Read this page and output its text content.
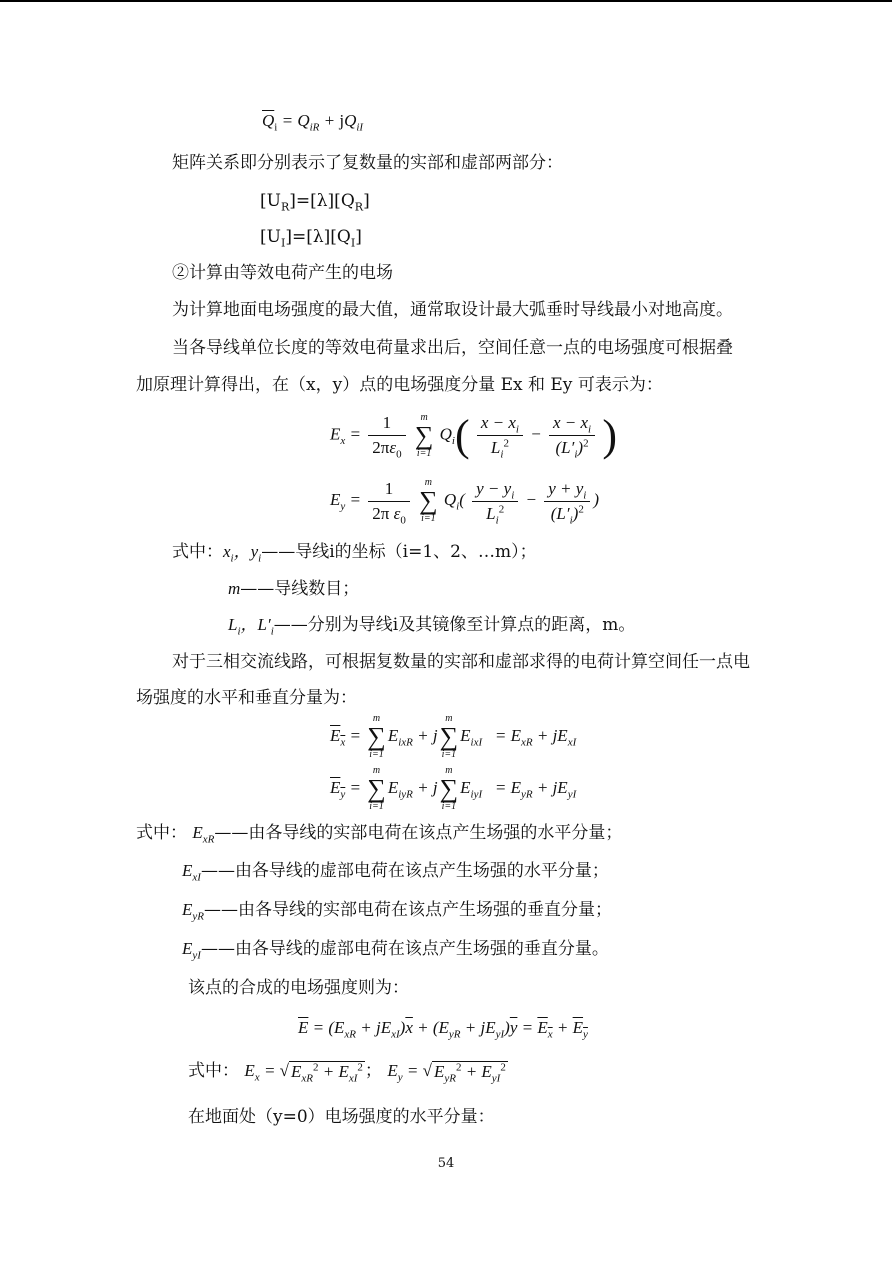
$\overline{Q}_i = Q_{iR} + jQ_{iI}$
矩阵关系即分别表示了复数量的实部和虚部两部分：
$[U_R]=[\lambda][Q_R]$
$[U_I]=[\lambda][Q_I]$
②计算由等效电荷产生的电场
为计算地面电场强度的最大值，通常取设计最大弧垂时导线最小对地高度。
当各导线单位长度的等效电荷量求出后，空间任意一点的电场强度可根据叠
加原理计算得出，在（x，y）点的电场强度分量 Ex 和 Ey 可表示为：
$E_x = \frac{1}{2\pi\varepsilon_0}$
	m
∑
i=1
$Q_i( \frac{x - x_i}{L_i^2} - \frac{x - x_i}{(L'_i)^2}$ )
$E_y = \frac{1}{2\pi \varepsilon_0}$
	m
∑
i=1
$Q_i( \frac{y - y_i}{L_i^2} - \frac{y + y_i}{(L'_i)^2}$ )
式中：$x_i$，$y_i——$导线i的坐标（i=1、2、…m）；
m——导线数目；
$L_i$，$L'_i——$分别为导线i及其镜像至计算点的距离，m。
对于三相交流线路，可根据复数量的实部和虚部求得的电荷计算空间任一点电
场强度的水平和垂直分量为：
$E_x$ =
m
∑
i=1
$E_{ixR} + j$
m
∑
i=1
$E_{ixI} = E_{xR} + jE_{xI}$
$E_y$ =
m
∑
i=1
$E_{iyR} + j$
m
∑
i=1
$E_{iyI} = E_{yR} + jE_{yI}$
式中： $E_{xR}——$由各导线的实部电荷在该点产生场强的水平分量；
$E_{xI}——$由各导线的虚部电荷在该点产生场强的水平分量；
$E_{yR}——$由各导线的实部电荷在该点产生场强的垂直分量；
$E_{yI}——$由各导线的虚部电荷在该点产生场强的垂直分量。
该点的合成的电场强度则为：
$\overline{E} = (E_{xR} + jE_{xI})\overline{x} + (E_{yR} + jE_{yI})\overline{y} = E_x + E_y$
式中： $E_x$ = √ $E_{xR}^2 + E_{xI}^2$ ； $E_y$ = √ $E_{yR}^2 + E_{yI}^2$
在地面处（y=0）电场强度的水平分量：
54
